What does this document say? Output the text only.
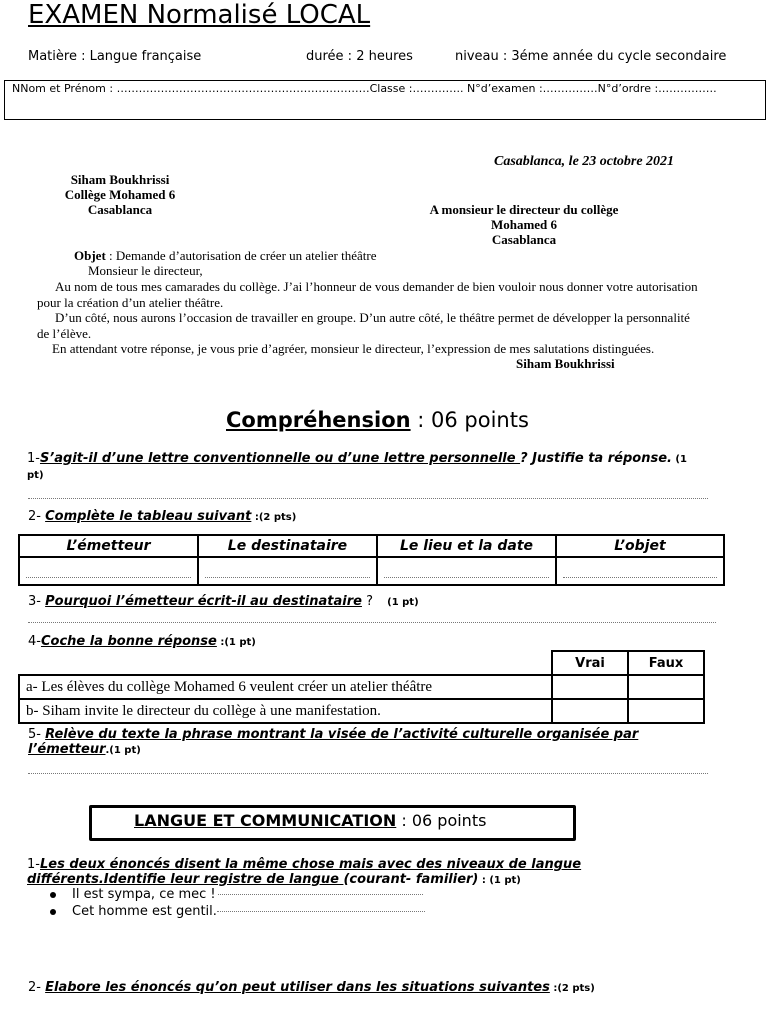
EXAMEN Normalisé LOCAL
Matière : Langue française	durée : 2 heures	niveau : 3éme année du cycle secondaire
NNom et Prénom : ……………………………………………………………Classe :………….. N°d’examen :……………N°d’ordre :…………….
Casablanca, le 23 octobre 2021
Siham Boukhrissi
Collège Mohamed 6
Casablanca	A monsieur le directeur du collège
Mohamed 6
Casablanca
Objet : Demande d’autorisation de créer un atelier théâtre
Monsieur le directeur,
Au nom de tous mes camarades du collège. J’ai l’honneur de vous demander de bien vouloir nous donner votre autorisation
pour la création d’un atelier théâtre.
D’un côté, nous aurons l’occasion de travailler en groupe. D’un autre côté, le théâtre permet de développer la personnalité
de l’élève.
En attendant votre réponse, je vous prie d’agréer, monsieur le directeur, l’expression de mes salutations distinguées.
Siham Boukhrissi
Compréhension : 06 points
1-S’agit-il d’une lettre conventionnelle ou d’une lettre personnelle ? Justifie ta réponse. (1
pt)
2- Complète le tableau suivant :(2 pts)
L’émetteur	Le destinataire	Le lieu et la date	L’objet

3- Pourquoi l’émetteur écrit-il au destinataire ? (1 pt)
4-Coche la bonne réponse :(1 pt)
	Vrai	Faux
a- Les élèves du collège Mohamed 6 veulent créer un atelier théâtre		
b- Siham invite le directeur du collège à une manifestation.		
5- Relève du texte la phrase montrant la visée de l’activité culturelle organisée par
l’émetteur.(1 pt)
LANGUE ET COMMUNICATION : 06 points
1-Les deux énoncés disent la même chose mais avec des niveaux de langue
différents.Identifie leur registre de langue (courant- familier) : (1 pt)
Il est sympa, ce mec !
Cet homme est gentil.
2- Elabore les énoncés qu’on peut utiliser dans les situations suivantes :(2 pts)
